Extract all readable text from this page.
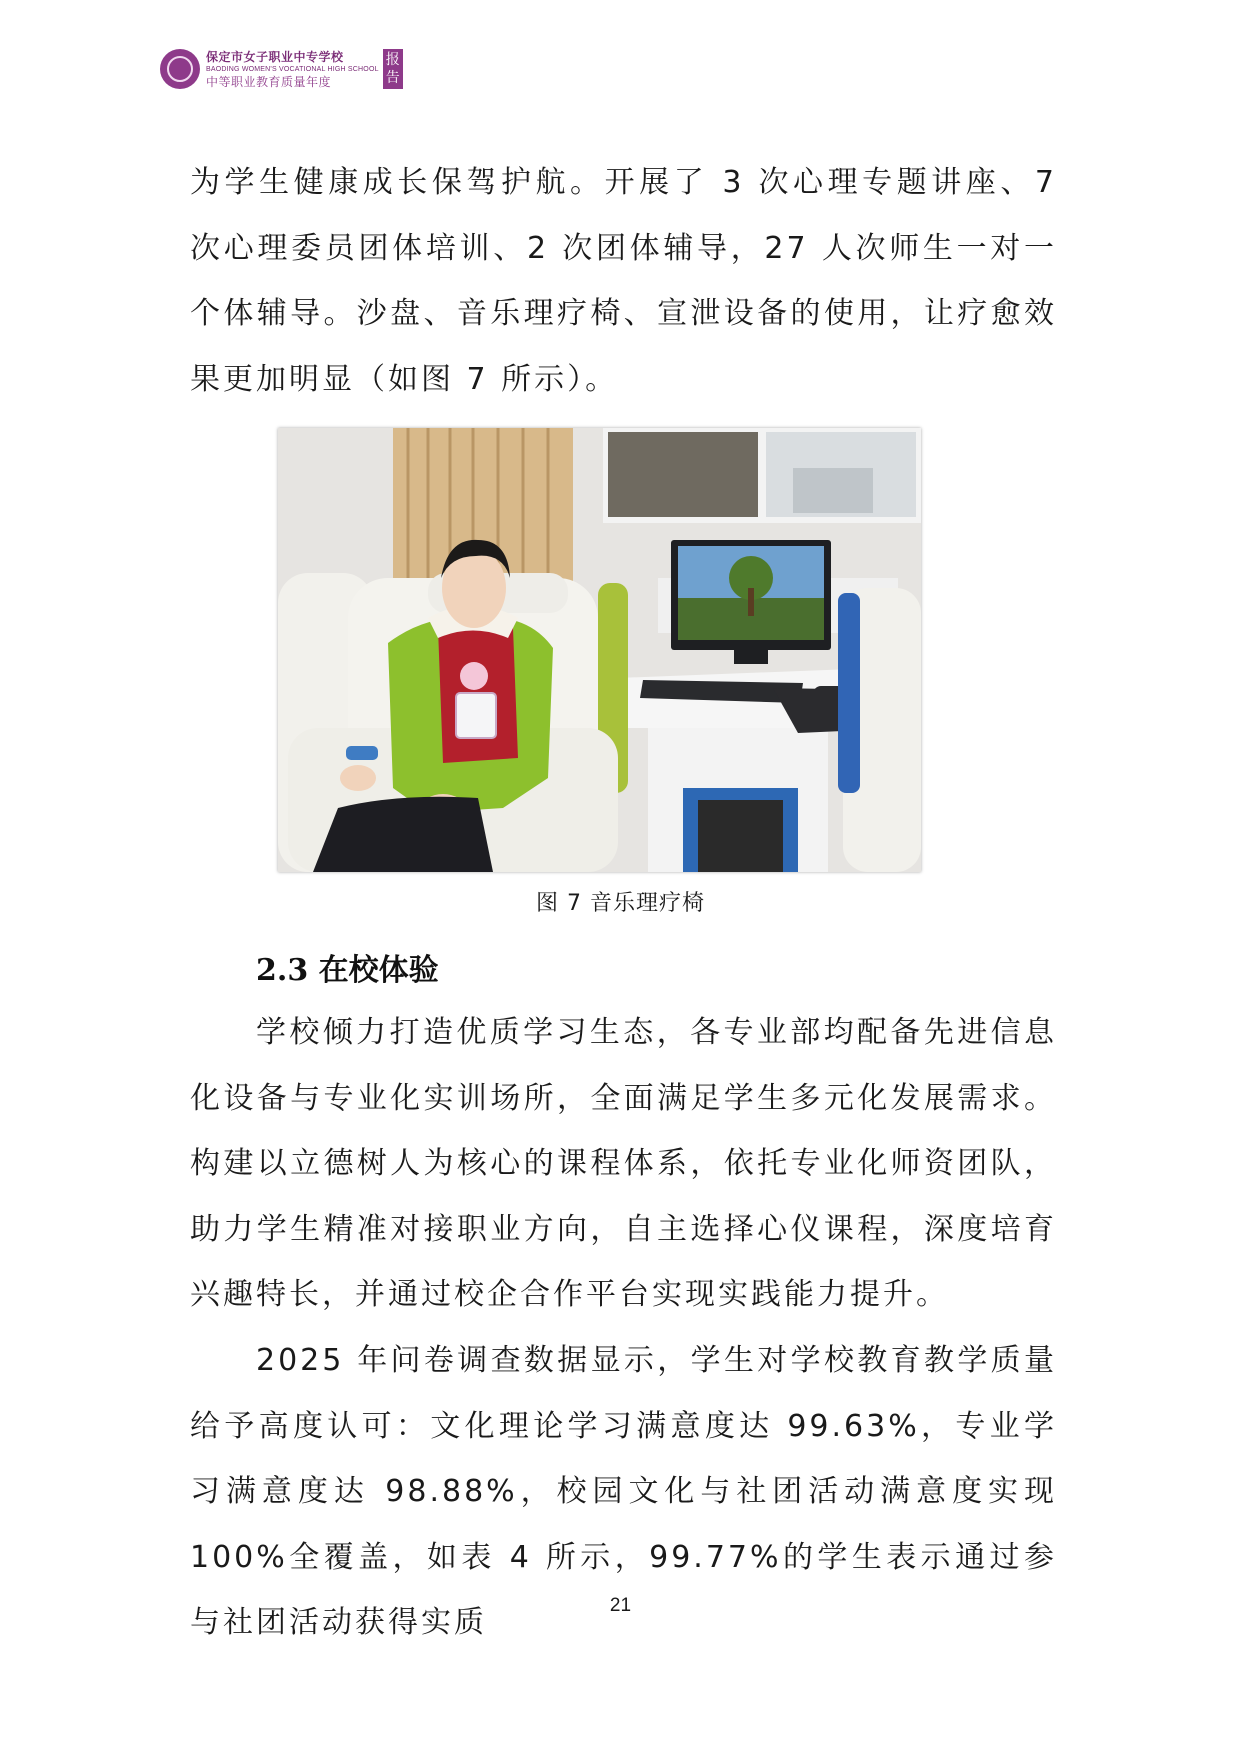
保定市女子职业中专学校
BAODING WOMEN'S VOCATIONAL HIGH SCHOOL
中等职业教育质量年度
报告

为学生健康成长保驾护航。开展了 3 次心理专题讲座、7 次心理委员团体培训、2 次团体辅导，27 人次师生一对一个体辅导。沙盘、音乐理疗椅、宣泄设备的使用，让疗愈效果更加明显（如图 7 所示）。

图 7 音乐理疗椅
2.3 在校体验

学校倾力打造优质学习生态，各专业部均配备先进信息化设备与专业化实训场所，全面满足学生多元化发展需求。构建以立德树人为核心的课程体系，依托专业化师资团队，助力学生精准对接职业方向，自主选择心仪课程，深度培育兴趣特长，并通过校企合作平台实现实践能力提升。

2025 年问卷调查数据显示，学生对学校教育教学质量给予高度认可：文化理论学习满意度达 99.63%，专业学习满意度达 98.88%，校园文化与社团活动满意度实现 100%全覆盖，如表 4 所示，99.77%的学生表示通过参与社团活动获得实质	21
